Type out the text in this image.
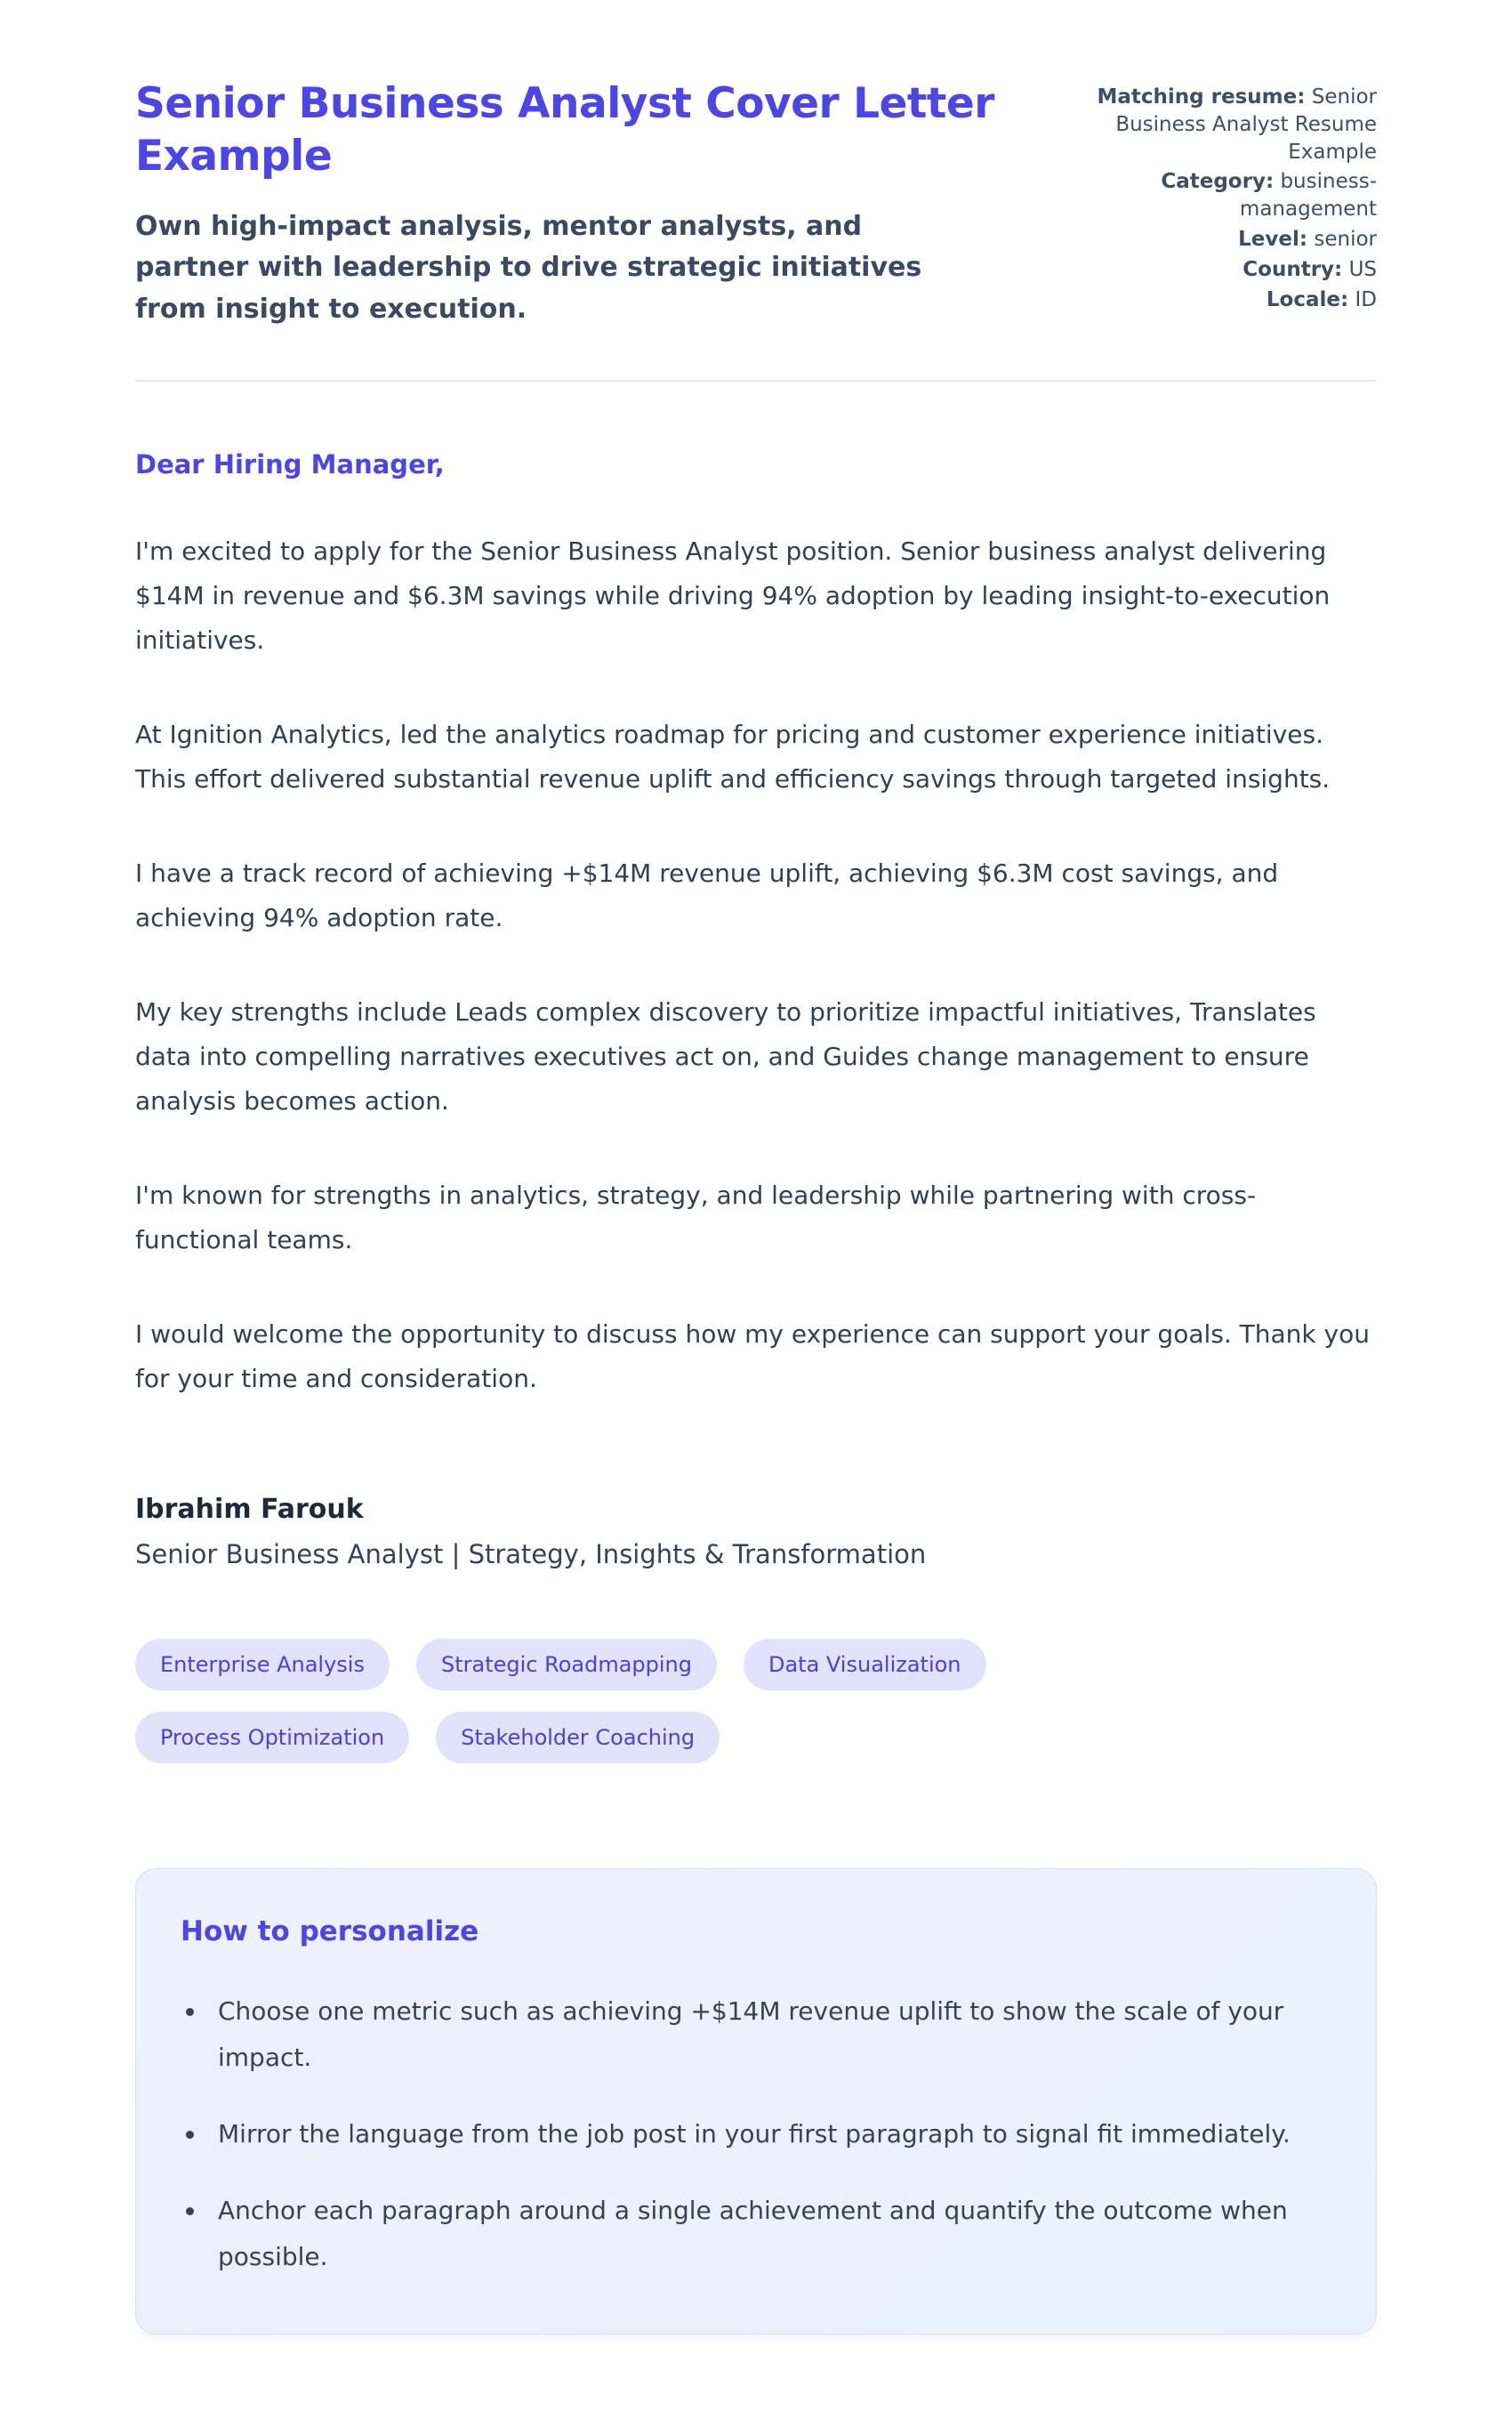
Senior Business Analyst Cover Letter Example

Own high-impact analysis, mentor analysts, and partner with leadership to drive strategic initiatives from insight to execution.

Matching resume: Senior Business Analyst Resume Example
Category: business-management
Level: senior
Country: US
Locale: ID
Dear Hiring Manager,

I'm excited to apply for the Senior Business Analyst position. Senior business analyst delivering $14M in revenue and $6.3M savings while driving 94% adoption by leading insight-to-execution initiatives.

At Ignition Analytics, led the analytics roadmap for pricing and customer experience initiatives. This effort delivered substantial revenue uplift and efficiency savings through targeted insights.

I have a track record of achieving +$14M revenue uplift, achieving $6.3M cost savings, and achieving 94% adoption rate.

My key strengths include Leads complex discovery to prioritize impactful initiatives, Translates data into compelling narratives executives act on, and Guides change management to ensure analysis becomes action.

I'm known for strengths in analytics, strategy, and leadership while partnering with cross-functional teams.

I would welcome the opportunity to discuss how my experience can support your goals. Thank you for your time and consideration.

Ibrahim Farouk
Senior Business Analyst | Strategy, Insights & Transformation
Enterprise Analysis	Strategic Roadmapping	Data Visualization
Process Optimization	Stakeholder Coaching
How to personalize
• Choose one metric such as achieving +$14M revenue uplift to show the scale of your impact.
• Mirror the language from the job post in your first paragraph to signal fit immediately.
• Anchor each paragraph around a single achievement and quantify the outcome when possible.
